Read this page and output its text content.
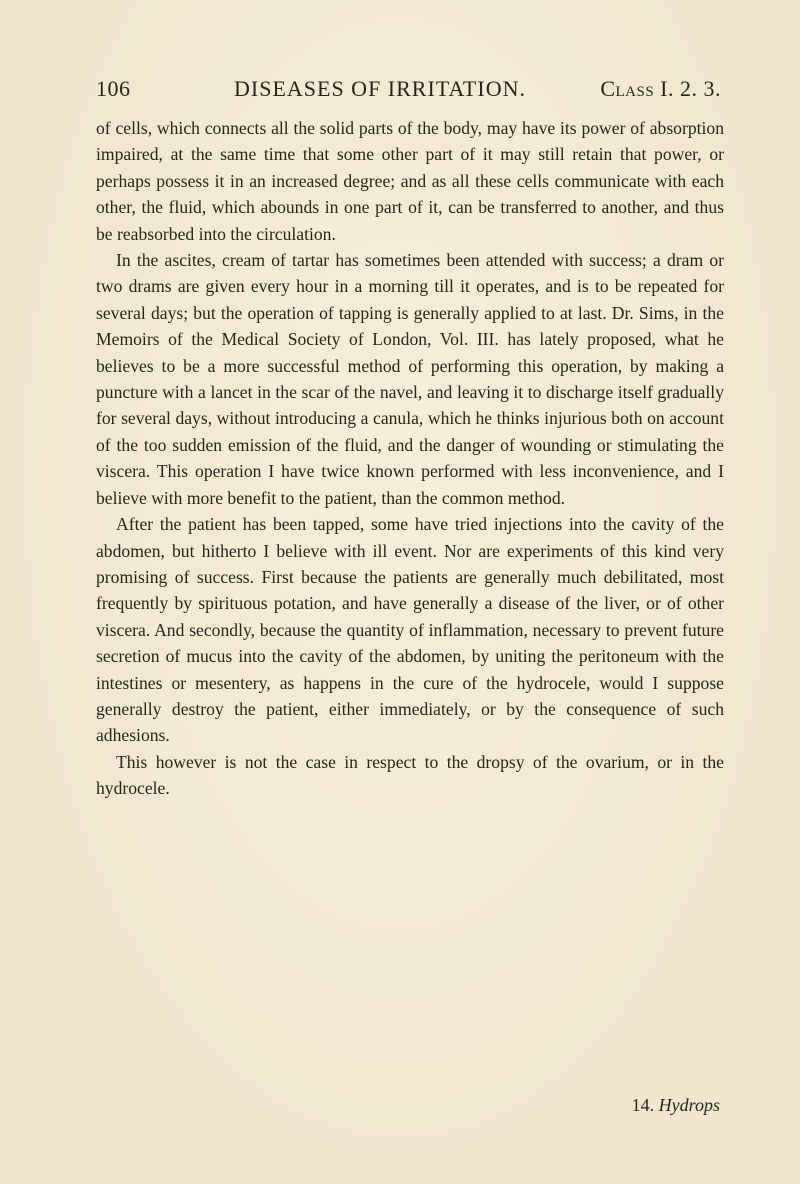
106	DISEASES OF IRRITATION.	Class I. 2. 3.

of cells, which connects all the solid parts of the body, may have its power of absorption impaired, at the same time that some other part of it may still retain that power, or perhaps possess it in an increased degree; and as all these cells communicate with each other, the fluid, which abounds in one part of it, can be transferred to another, and thus be reabsorbed into the circulation.

In the ascites, cream of tartar has sometimes been attended with success; a dram or two drams are given every hour in a morning till it operates, and is to be repeated for several days; but the operation of tapping is generally applied to at last. Dr. Sims, in the Memoirs of the Medical Society of London, Vol. III. has lately proposed, what he believes to be a more successful method of performing this operation, by making a puncture with a lancet in the scar of the navel, and leaving it to discharge itself gradually for several days, without introducing a canula, which he thinks injurious both on account of the too sudden emission of the fluid, and the danger of wounding or stimulating the viscera. This operation I have twice known performed with less inconvenience, and I believe with more benefit to the patient, than the common method.

After the patient has been tapped, some have tried injections into the cavity of the abdomen, but hitherto I believe with ill event. Nor are experiments of this kind very promising of success. First because the patients are generally much debilitated, most frequently by spirituous potation, and have generally a disease of the liver, or of other viscera. And secondly, because the quantity of inflammation, necessary to prevent future secretion of mucus into the cavity of the abdomen, by uniting the peritoneum with the intestines or mesentery, as happens in the cure of the hydrocele, would I suppose generally destroy the patient, either immediately, or by the consequence of such adhesions.

This however is not the case in respect to the dropsy of the ovarium, or in the hydrocele.

14. Hydrops
